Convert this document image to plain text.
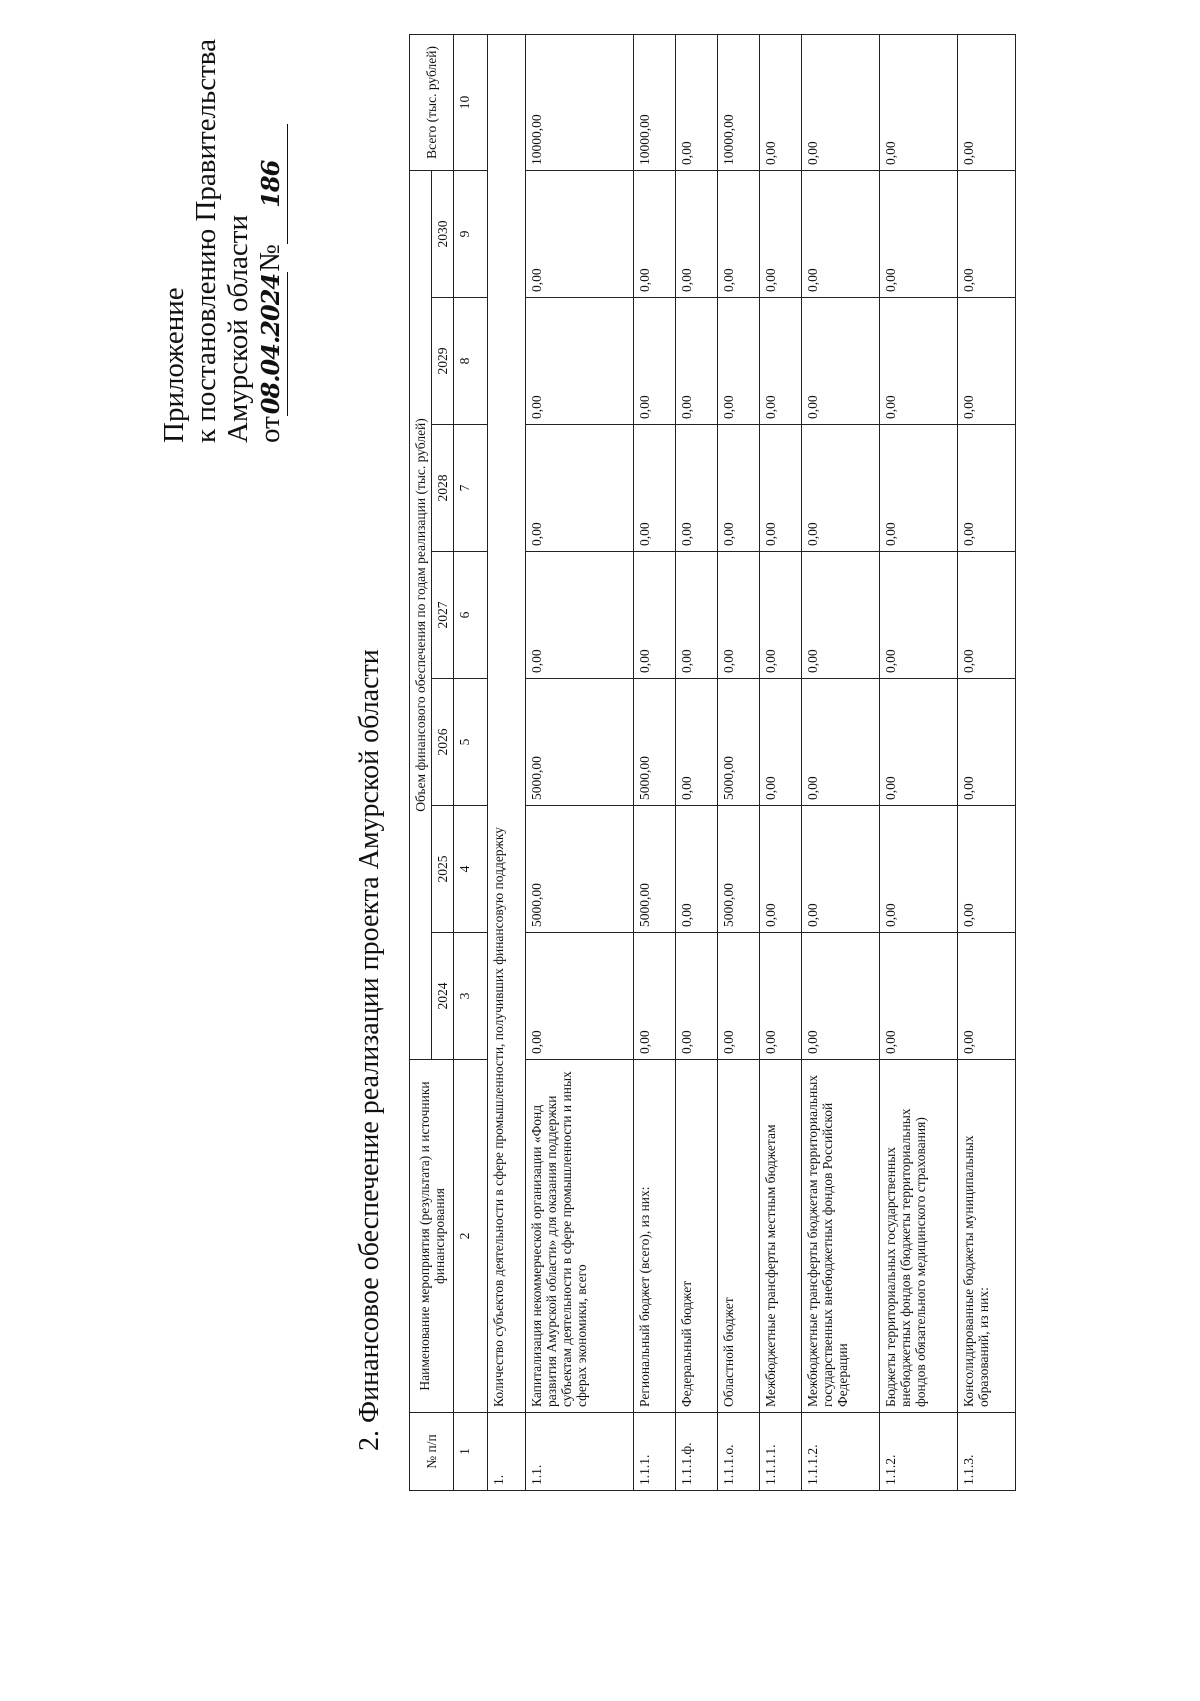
Приложение к постановлению Правительства Амурской области от08.04.2024№186
2. Финансовое обеспечение реализации проекта Амурской области
№ п/п	Наименование мероприятия (результата) и источники финансирования	Объем финансового обеспечения по годам реализации (тыс. рублей)							Всего (тыс. рублей)
		2024	2025	2026	2027	2028	2029	2030	
1	2	3	4	5	6	7	8	9	10
1.	Количество субъектов деятельности в сфере промышленности, получивших финансовую поддержку								
1.1.	Капитализация некоммерческой организации «Фонд развития Амурской области» для оказания поддержки субъектам деятельности в сфере промышленности и иных сферах экономики, всего	0,00	5000,00	5000,00	0,00	0,00	0,00	0,00	10000,00
1.1.1.	Региональный бюджет (всего), из них:	0,00	5000,00	5000,00	0,00	0,00	0,00	0,00	10000,00
1.1.1.ф.	Федеральный бюджет	0,00	0,00	0,00	0,00	0,00	0,00	0,00	0,00
1.1.1.о.	Областной бюджет	0,00	5000,00	5000,00	0,00	0,00	0,00	0,00	10000,00
1.1.1.1.	Межбюджетные трансферты местным бюджетам	0,00	0,00	0,00	0,00	0,00	0,00	0,00	0,00
1.1.1.2.	Межбюджетные трансферты бюджетам территориальных государственных внебюджетных фондов Российской Федерации	0,00	0,00	0,00	0,00	0,00	0,00	0,00	0,00
1.1.2.	Бюджеты территориальных государственных внебюджетных фондов (бюджеты территориальных фондов обязательного медицинского страхования)	0,00	0,00	0,00	0,00	0,00	0,00	0,00	0,00
1.1.3.	Консолидированные бюджеты муниципальных образований, из них:	0,00	0,00	0,00	0,00	0,00	0,00	0,00	0,00
